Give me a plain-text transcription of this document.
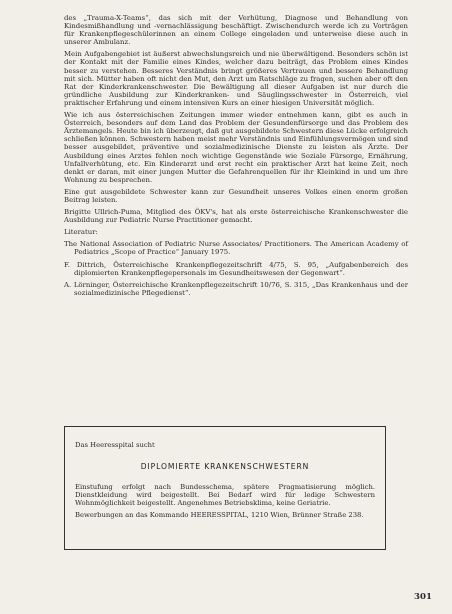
des „Trauma-X-Teams“, das sich mit der Verhütung, Diagnose und Behandlung von Kindesmißhandlung und -vernachlässigung beschäftigt. Zwischendurch werde ich zu Vorträgen für Krankenpflegeschülerinnen an einem College eingeladen und unterweise diese auch in unserer Ambulanz.

Mein Aufgabengebiet ist äußerst abwechslungsreich und nie überwältigend. Besonders schön ist der Kontakt mit der Familie eines Kindes, welcher dazu beiträgt, das Problem eines Kindes besser zu verstehen. Besseres Verständnis bringt größeres Vertrauen und bessere Behandlung mit sich. Mütter haben oft nicht den Mut, den Arzt um Ratschläge zu fragen, suchen aber oft den Rat der Kinderkrankenschwester. Die Bewältigung all dieser Aufgaben ist nur durch die gründliche Ausbildung zur Kinderkranken- und Säuglingsschwester in Österreich, viel praktischer Erfahrung und einem intensiven Kurs an einer hiesigen Universität möglich.

Wie ich aus österreichischen Zeitungen immer wieder entnehmen kann, gibt es auch in Österreich, besonders auf dem Land das Problem der Gesundenfürsorge und das Problem des Ärztemangels. Heute bin ich überzeugt, daß gut ausgebildete Schwestern diese Lücke erfolgreich schließen können. Schwestern haben meist mehr Verständnis und Einfühlungsvermögen und sind besser ausgebildet, präventive und sozialmedizinische Dienste zu leisten als Ärzte. Der Ausbildung eines Arztes fehlen noch wichtige Gegenstände wie Soziale Fürsorge, Ernährung, Unfallverhütung, etc. Ein Kinderarzt und erst recht ein praktischer Arzt hat keine Zeit, noch denkt er daran, mit einer jungen Mutter die Gefahrenquellen für ihr Kleinkind in und um ihre Wohnung zu besprechen.

Eine gut ausgebildete Schwester kann zur Gesundheit unseres Volkes einen enorm großen Beitrag leisten.

Brigitte Ullrich-Puma, Mitglied des ÖKV's, hat als erste österreichische Krankenschwester die Ausbildung zur Pediatric Nurse Practitioner gemacht.

Literatur:

The National Association of Pediatric Nurse Associates/ Practitioners. The American Academy of Pediatrics „Scope of Practice“ January 1975.

F. Dittrich, Österreichische Krankenpflegezeitschrift 4/75, S. 95, „Aufgabenbereich des diplomierten Krankenpflegepersonals im Gesundheitswesen der Gegenwart“.

A. Lörninger, Österreichische Krankenpflegezeitschrift 10/76, S. 315, „Das Krankenhaus und der sozialmedizinische Pflegedienst“.

Das Heeresspital sucht

DIPLOMIERTE KRANKENSCHWESTERN

Einstufung erfolgt nach Bundesschema, spätere Pragmatisierung möglich. Dienstkleidung wird beigestellt. Bei Bedarf wird für ledige Schwestern Wohnmöglichkeit beigestellt. Angenehmes Betriebsklima, keine Geriatrie.

Bewerbungen an das Kommando HEERESSPITAL, 1210 Wien, Brünner Straße 238.

301
